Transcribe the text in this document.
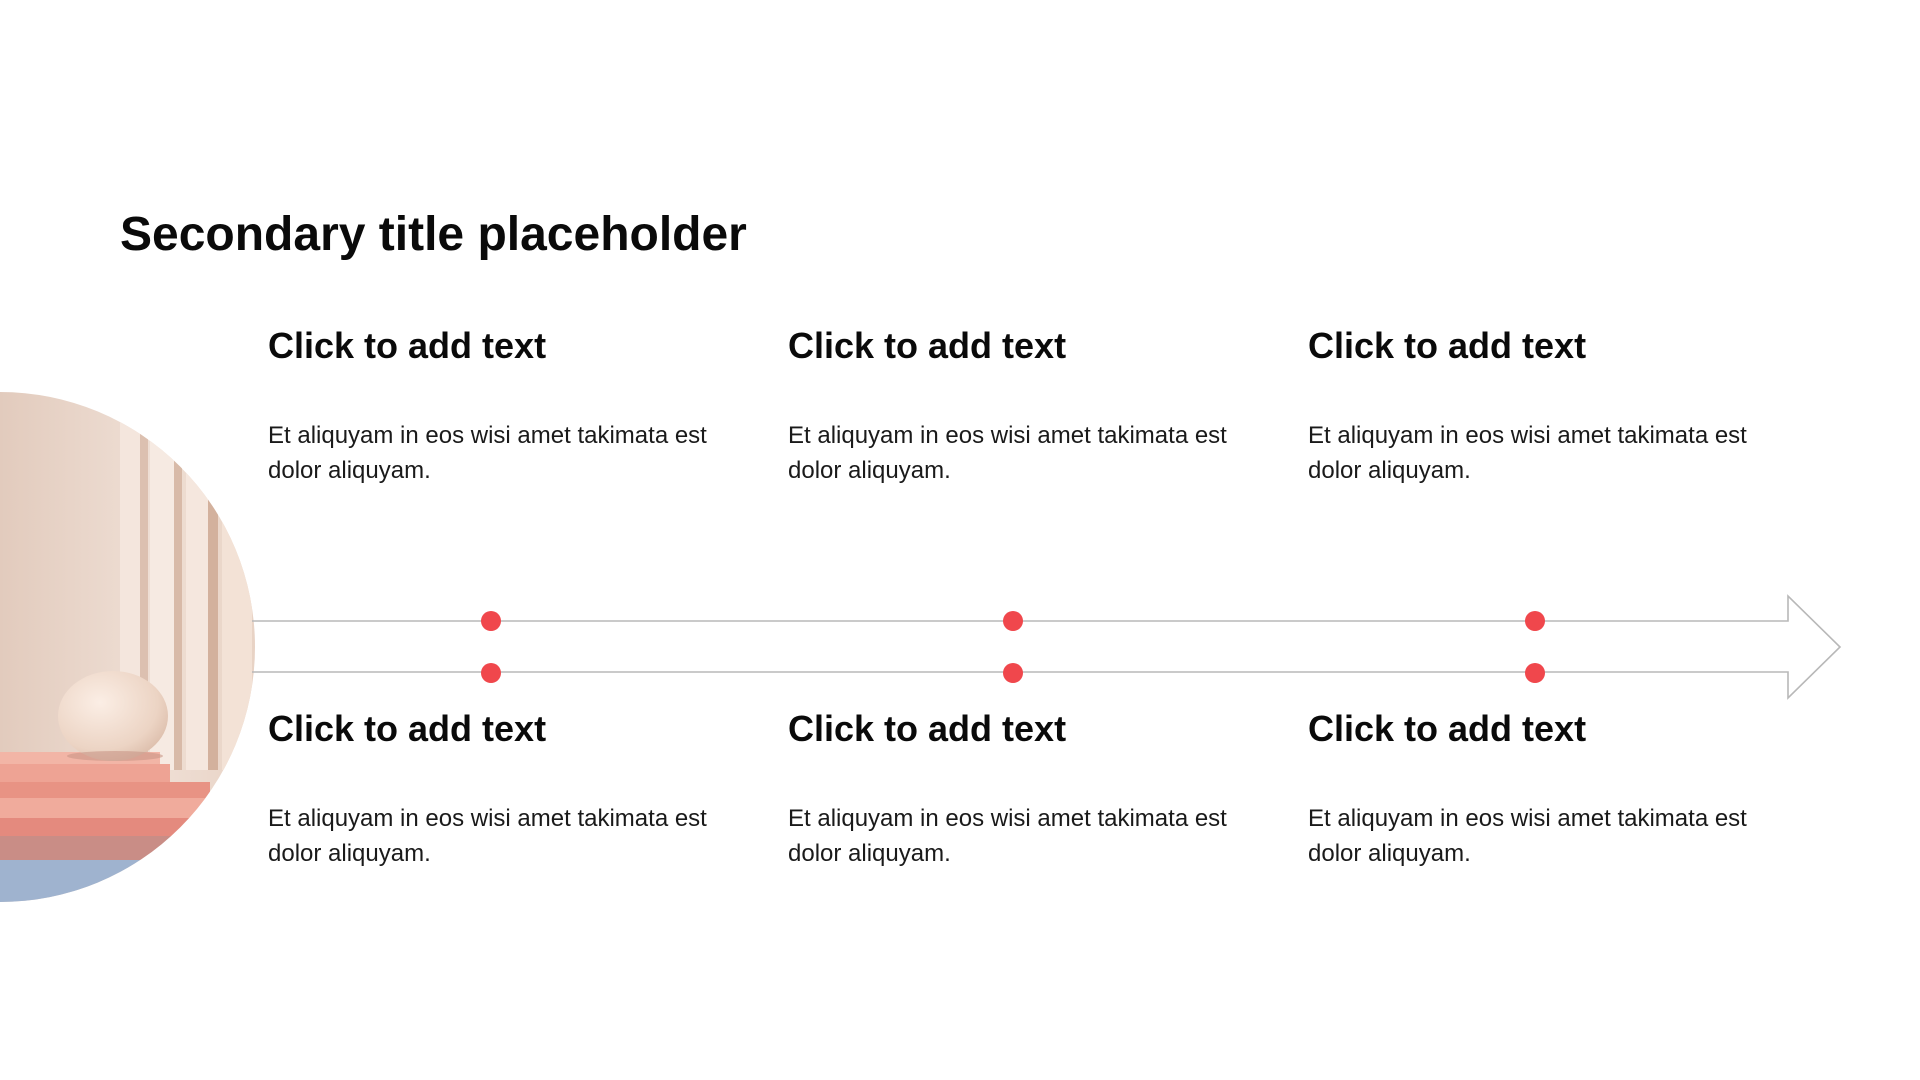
Secondary title placeholder

Click to add text

Et aliquyam in eos wisi amet takimata est dolor aliquyam.

Click to add text

Et aliquyam in eos wisi amet takimata est dolor aliquyam.

Click to add text

Et aliquyam in eos wisi amet takimata est dolor aliquyam.

Click to add text

Et aliquyam in eos wisi amet takimata est dolor aliquyam.

Click to add text

Et aliquyam in eos wisi amet takimata est dolor aliquyam.

Click to add text

Et aliquyam in eos wisi amet takimata est dolor aliquyam.
